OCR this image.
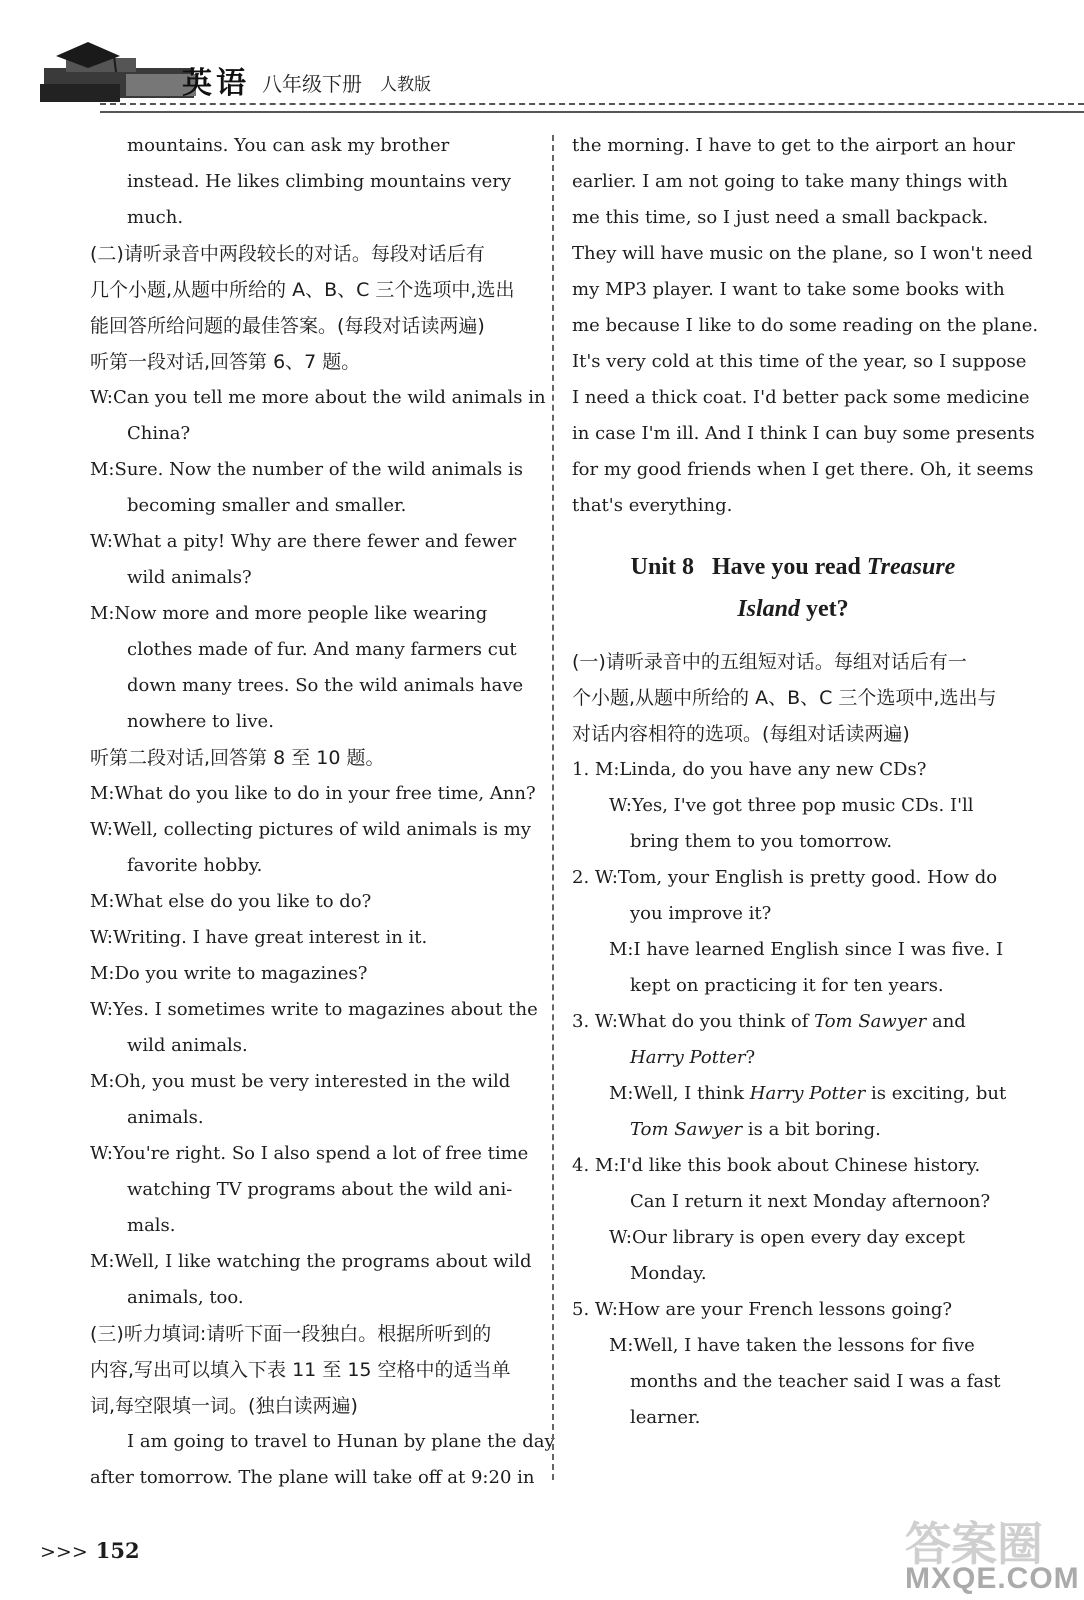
英语 八年级下册 人教版
mountains. You can ask my brother
instead. He likes climbing mountains very
much.
(二)请听录音中两段较长的对话。每段对话后有
几个小题,从题中所给的 A、B、C 三个选项中,选出
能回答所给问题的最佳答案。(每段对话读两遍)
听第一段对话,回答第 6、7 题。
W:Can you tell me more about the wild animals in
China?
M:Sure. Now the number of the wild animals is
becoming smaller and smaller.
W:What a pity! Why are there fewer and fewer
wild animals?
M:Now more and more people like wearing
clothes made of fur. And many farmers cut
down many trees. So the wild animals have
nowhere to live.
听第二段对话,回答第 8 至 10 题。
M:What do you like to do in your free time, Ann?
W:Well, collecting pictures of wild animals is my
favorite hobby.
M:What else do you like to do?
W:Writing. I have great interest in it.
M:Do you write to magazines?
W:Yes. I sometimes write to magazines about the
wild animals.
M:Oh, you must be very interested in the wild
animals.
W:You're right. So I also spend a lot of free time
watching TV programs about the wild ani-
mals.
M:Well, I like watching the programs about wild
animals, too.
(三)听力填词:请听下面一段独白。根据所听到的
内容,写出可以填入下表 11 至 15 空格中的适当单
词,每空限填一词。(独白读两遍)
I am going to travel to Hunan by plane the day
after tomorrow. The plane will take off at 9:20 in
the morning. I have to get to the airport an hour
earlier. I am not going to take many things with
me this time, so I just need a small backpack.
They will have music on the plane, so I won't need
my MP3 player. I want to take some books with
me because I like to do some reading on the plane.
It's very cold at this time of the year, so I suppose
I need a thick coat. I'd better pack some medicine
in case I'm ill. And I think I can buy some presents
for my good friends when I get there. Oh, it seems
that's everything.
Unit 8   Have you read Treasure
Island yet?
(一)请听录音中的五组短对话。每组对话后有一
个小题,从题中所给的 A、B、C 三个选项中,选出与
对话内容相符的选项。(每组对话读两遍)
1. M:Linda, do you have any new CDs?
W:Yes, I've got three pop music CDs. I'll
bring them to you tomorrow.
2. W:Tom, your English is pretty good. How do
you improve it?
M:I have learned English since I was five. I
kept on practicing it for ten years.
3. W:What do you think of Tom Sawyer and
Harry Potter?
M:Well, I think Harry Potter is exciting, but
Tom Sawyer is a bit boring.
4. M:I'd like this book about Chinese history.
Can I return it next Monday afternoon?
W:Our library is open every day except
Monday.
5. W:How are your French lessons going?
M:Well, I have taken the lessons for five
months and the teacher said I was a fast
learner.
>>> 152	答案圈
MXQE.COM
